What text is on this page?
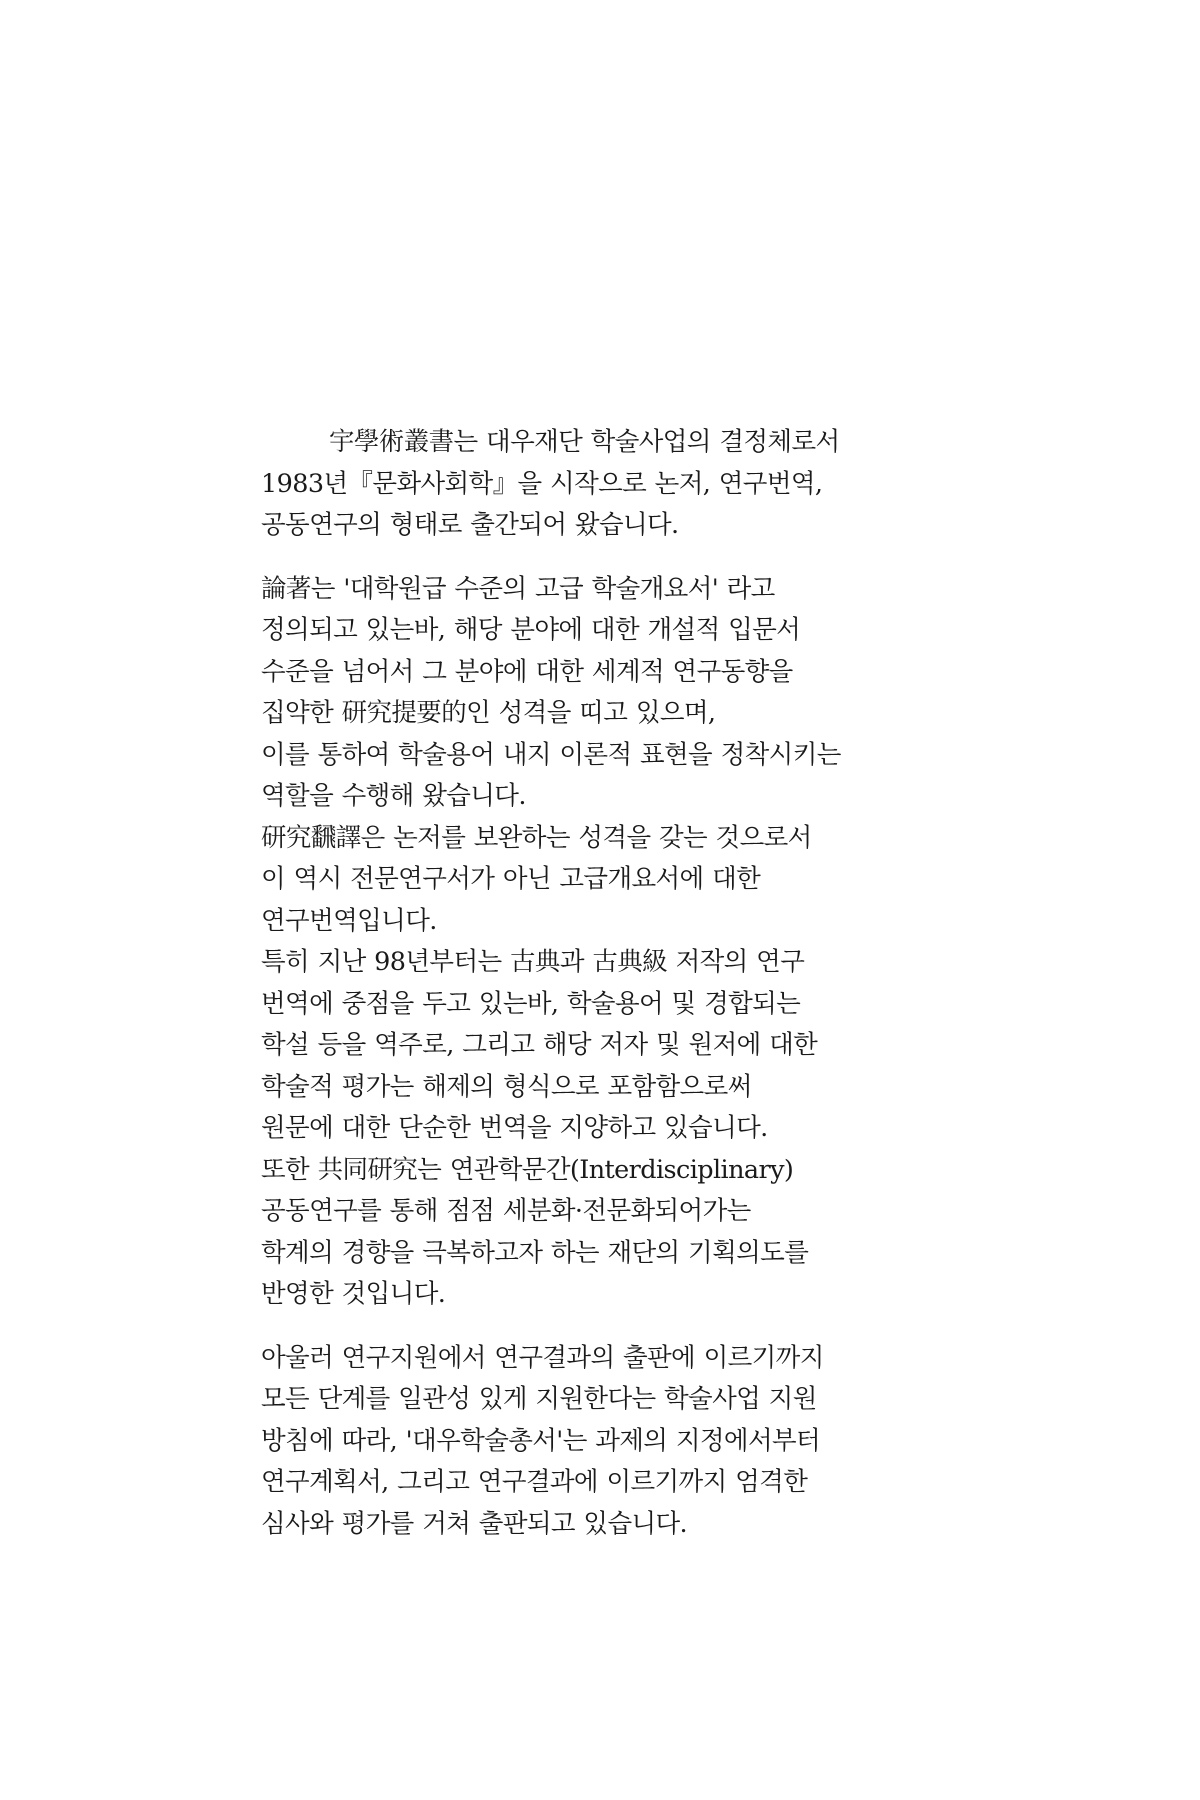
宇學術叢書는 대우재단 학술사업의 결정체로서
1983년『문화사회학』을 시작으로 논저, 연구번역,
공동연구의 형태로 출간되어 왔습니다.
論著는 '대학원급 수준의 고급 학술개요서' 라고
정의되고 있는바, 해당 분야에 대한 개설적 입문서
수준을 넘어서 그 분야에 대한 세계적 연구동향을
집약한 研究提要的인 성격을 띠고 있으며,
이를 통하여 학술용어 내지 이론적 표현을 정착시키는
역할을 수행해 왔습니다.
研究飜譯은 논저를 보완하는 성격을 갖는 것으로서
이 역시 전문연구서가 아닌 고급개요서에 대한
연구번역입니다.
특히 지난 98년부터는 古典과 古典級 저작의 연구
번역에 중점을 두고 있는바, 학술용어 및 경합되는
학설 등을 역주로, 그리고 해당 저자 및 원저에 대한
학술적 평가는 해제의 형식으로 포함함으로써
원문에 대한 단순한 번역을 지양하고 있습니다.
또한 共同研究는 연관학문간(Interdisciplinary)
공동연구를 통해 점점 세분화·전문화되어가는
학계의 경향을 극복하고자 하는 재단의 기획의도를
반영한 것입니다.
아울러 연구지원에서 연구결과의 출판에 이르기까지
모든 단계를 일관성 있게 지원한다는 학술사업 지원
방침에 따라, '대우학술총서'는 과제의 지정에서부터
연구계획서, 그리고 연구결과에 이르기까지 엄격한
심사와 평가를 거쳐 출판되고 있습니다.
